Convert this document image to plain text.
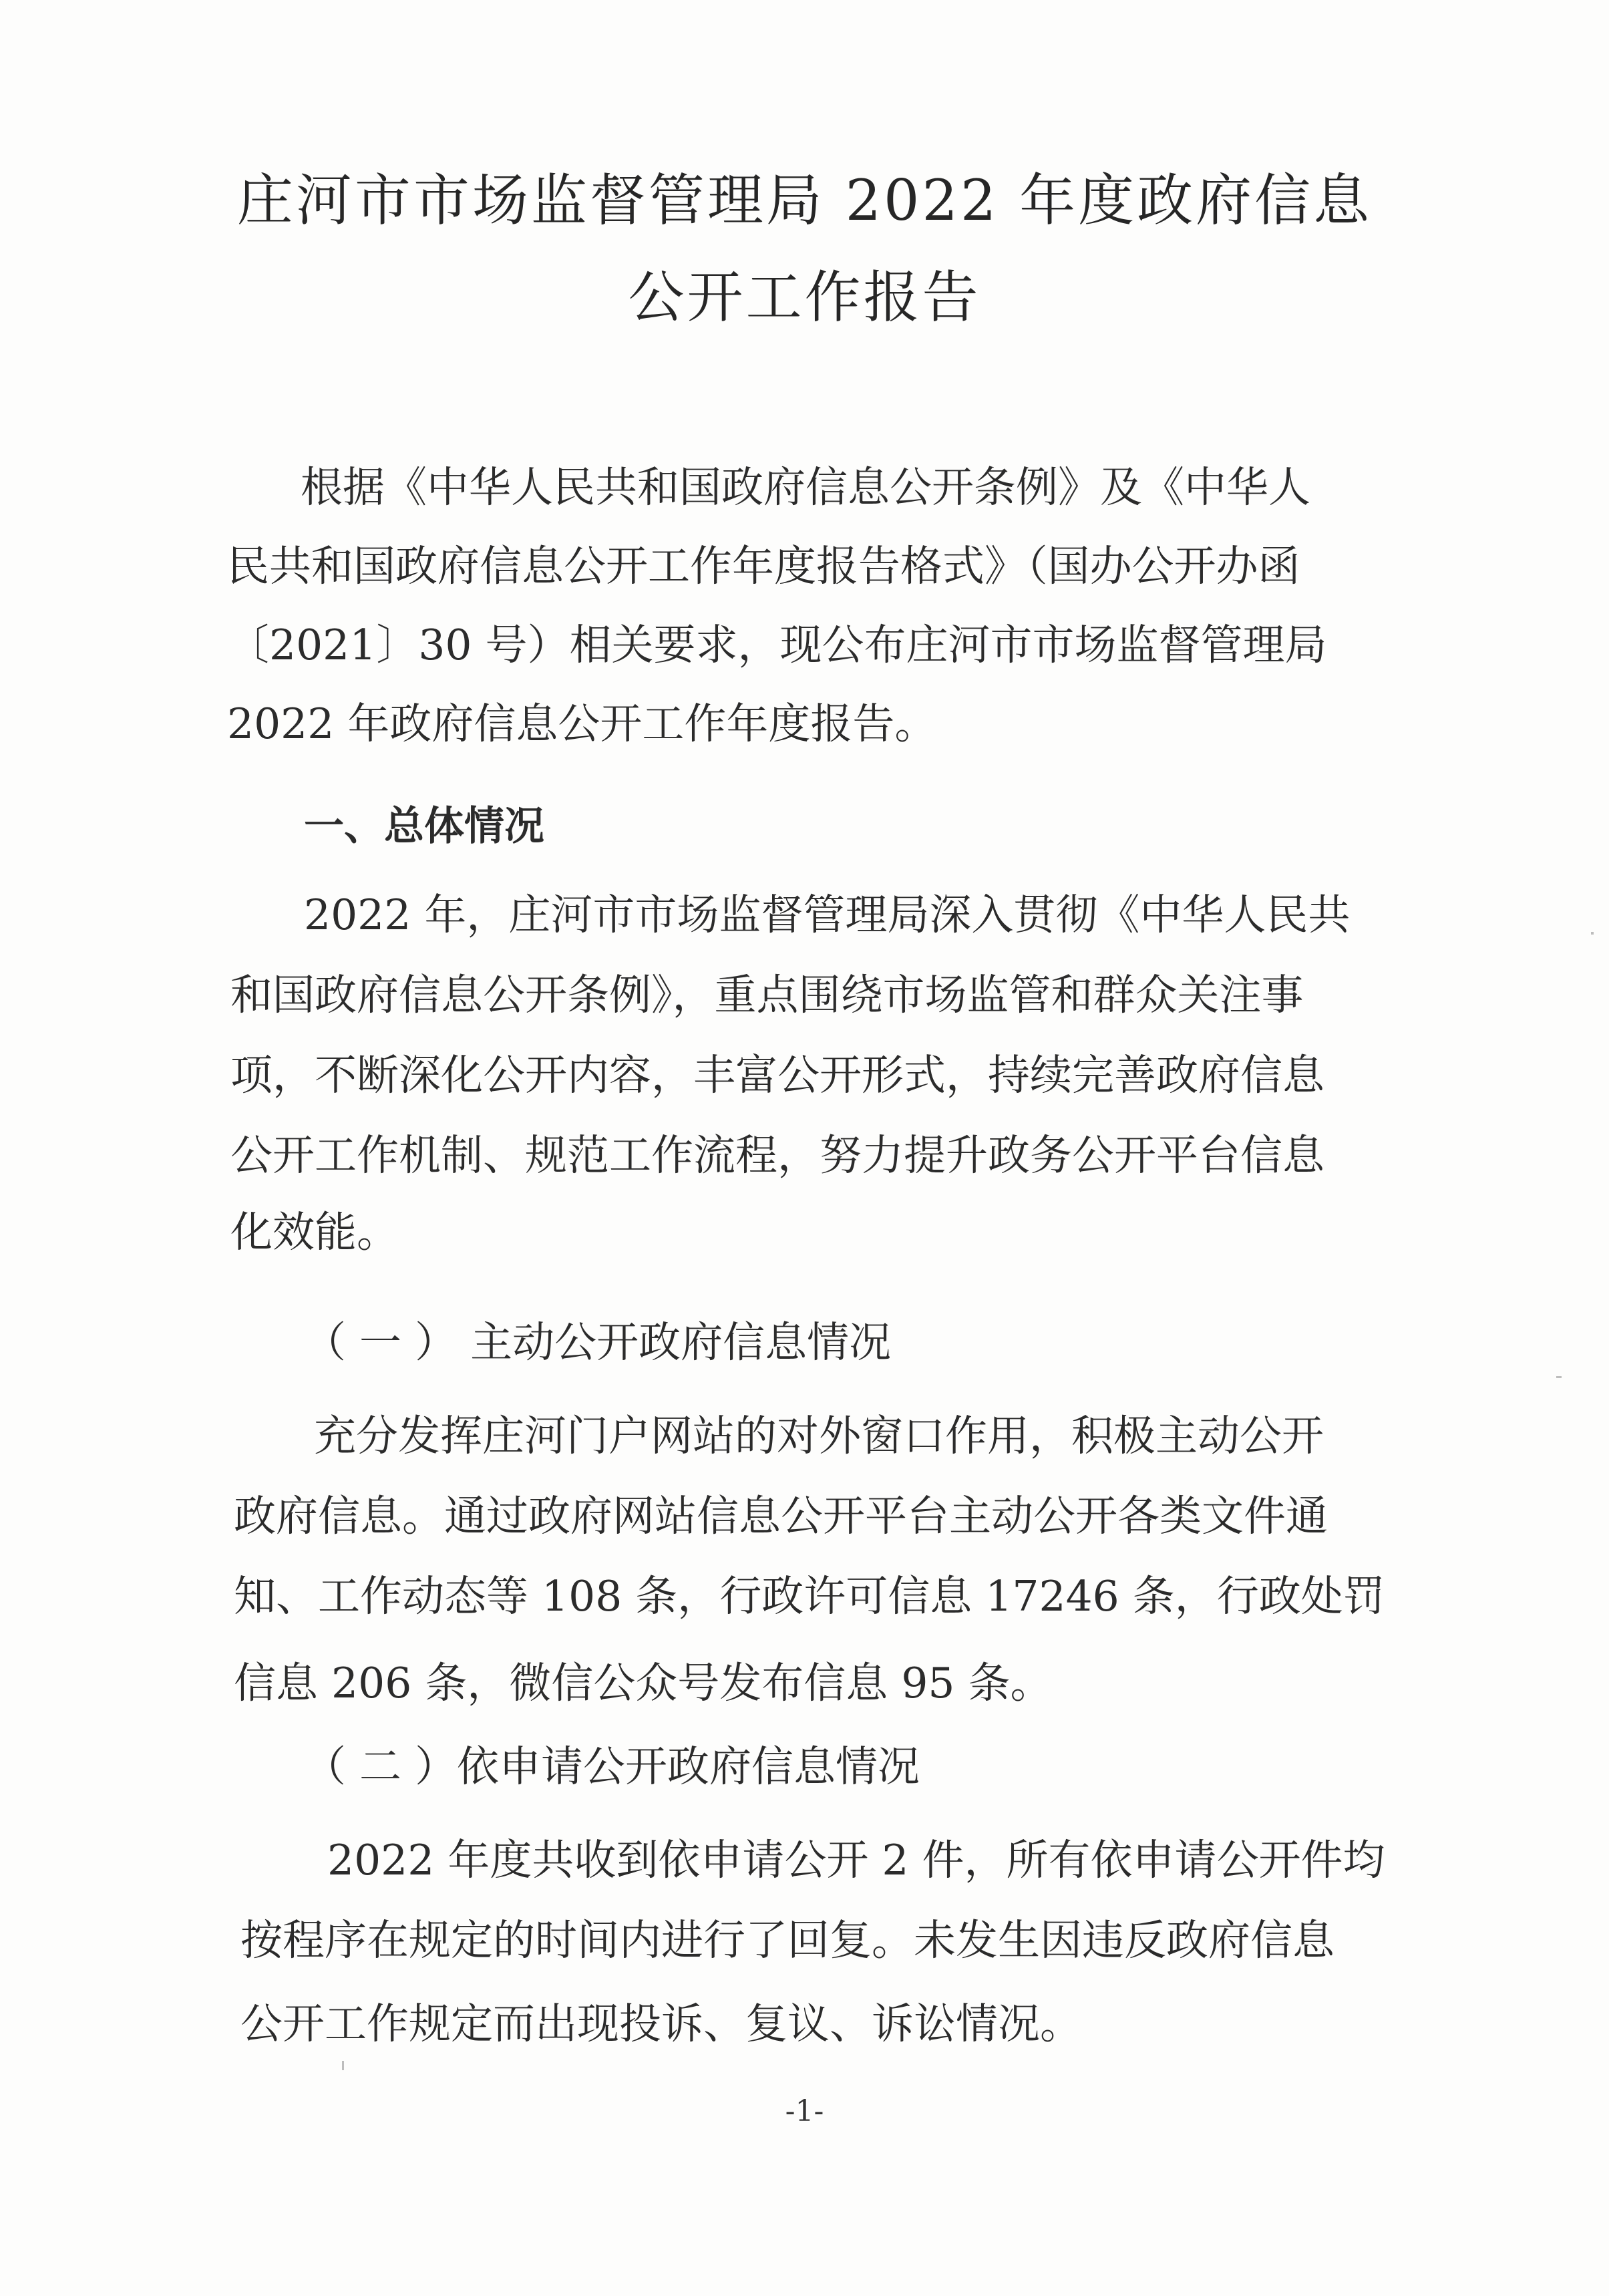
庄河市市场监督管理局 2022 年度政府信息
公开工作报告
根据《中华人民共和国政府信息公开条例》及《中华人
民共和国政府信息公开工作年度报告格式》（国办公开办函
〔2021〕30 号）相关要求，现公布庄河市市场监督管理局
2022 年政府信息公开工作年度报告。
一、总体情况
2022 年，庄河市市场监督管理局深入贯彻《中华人民共
和国政府信息公开条例》，重点围绕市场监管和群众关注事
项，不断深化公开内容，丰富公开形式，持续完善政府信息
公开工作机制、规范工作流程，努力提升政务公开平台信息
化效能。
（ 一 ） 主动公开政府信息情况
充分发挥庄河门户网站的对外窗口作用，积极主动公开
政府信息。通过政府网站信息公开平台主动公开各类文件通
知、工作动态等 108 条，行政许可信息 17246 条，行政处罚
信息 206 条，微信公众号发布信息 95 条。
（ 二 ）依申请公开政府信息情况
2022 年度共收到依申请公开 2 件，所有依申请公开件均
按程序在规定的时间内进行了回复。未发生因违反政府信息
公开工作规定而出现投诉、复议、诉讼情况。
-1-
